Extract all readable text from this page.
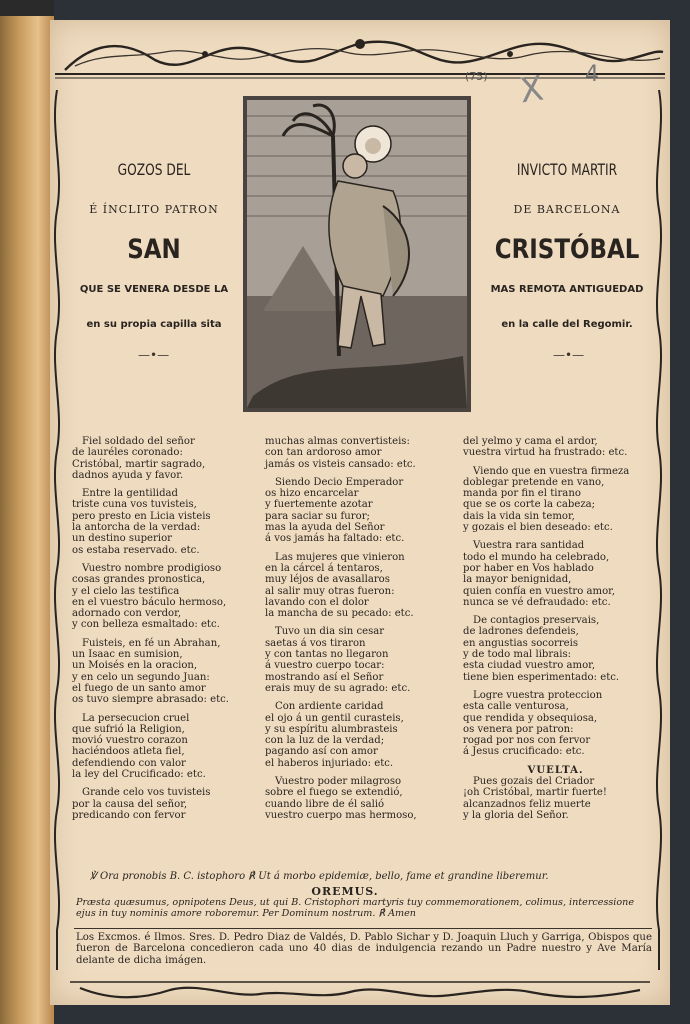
(75) X 4
GOZOS DEL
É ÍNCLITO PATRON
SAN
QUE SE VENERA DESDE LA
en su propia capilla sita
—•—
INVICTO MARTIR
DE BARCELONA
CRISTÓBAL
MAS REMOTA ANTIGUEDAD
en la calle del Regomir.
—•—
Fiel soldado del señor
de lauréles coronado:
Cristóbal, martir sagrado,
dadnos ayuda y favor.
Entre la gentilidad
triste cuna vos tuvisteis,
pero presto en Licia visteis
la antorcha de la verdad:
un destino superior
os estaba reservado. etc.
Vuestro nombre prodigioso
cosas grandes pronostica,
y el cielo las testifica
en el vuestro báculo hermoso,
adornado con verdor,
y con belleza esmaltado: etc.
Fuisteis, en fé un Abrahan,
un Isaac en sumision,
un Moisés en la oracion,
y en celo un segundo Juan:
el fuego de un santo amor
os tuvo siempre abrasado: etc.
La persecucion cruel
que sufrió la Religion,
movió vuestro corazon
haciéndoos atleta fiel,
defendiendo con valor
la ley del Crucificado: etc.
Grande celo vos tuvisteis
por la causa del señor,
predicando con fervor
muchas almas convertisteis:
con tan ardoroso amor
jamás os visteis cansado: etc.
Siendo Decio Emperador
os hizo encarcelar
y fuertemente azotar
para saciar su furor;
mas la ayuda del Señor
á vos jamás ha faltado: etc.
Las mujeres que vinieron
en la cárcel á tentaros,
muy léjos de avasallaros
al salir muy otras fueron:
lavando con el dolor
la mancha de su pecado: etc.
Tuvo un dia sin cesar
saetas á vos tiraron
y con tantas no llegaron
á vuestro cuerpo tocar:
mostrando así el Señor
erais muy de su agrado: etc.
Con ardiente caridad
el ojo á un gentil curasteis,
y su espíritu alumbrasteis
con la luz de la verdad;
pagando así con amor
el haberos injuriado: etc.
Vuestro poder milagroso
sobre el fuego se extendió,
cuando libre de él salió
vuestro cuerpo mas hermoso,
del yelmo y cama el ardor,
vuestra virtud ha frustrado: etc.
Viendo que en vuestra firmeza
doblegar pretende en vano,
manda por fin el tirano
que se os corte la cabeza;
dais la vida sin temor,
y gozais el bien deseado: etc.
Vuestra rara santidad
todo el mundo ha celebrado,
por haber en Vos hablado
la mayor benignidad,
quien confía en vuestro amor,
nunca se vé defraudado: etc.
De contagios preservais,
de ladrones defendeis,
en angustias socorreis
y de todo mal librais:
esta ciudad vuestro amor,
tiene bien esperimentado: etc.
Logre vuestra proteccion
esta calle venturosa,
que rendida y obsequiosa,
os venera por patron:
rogad por nos con fervor
á Jesus crucificado: etc.
VUELTA.
Pues gozais del Criador
¡oh Cristóbal, martir fuerte!
alcanzadnos feliz muerte
y la gloria del Señor.
℣ Ora pronobis B. C. istophoro ℟ Ut á morbo epidemiæ, bello, fame et grandine liberemur.
OREMUS.
Præsta quæsumus, opnipotens Deus, ut qui B. Cristophori martyris tuy commemorationem, colimus, intercessione ejus in tuy nominis amore roboremur. Per Dominum nostrum. ℟ Amen
Los Excmos. é Ilmos. Sres. D. Pedro Diaz de Valdés, D. Pablo Sichar y D. Joaquin Lluch y Garriga, Obispos que fueron de Barcelona concedieron cada uno 40 dias de indulgencia rezando un Padre nuestro y Ave María delante de dicha imágen.
